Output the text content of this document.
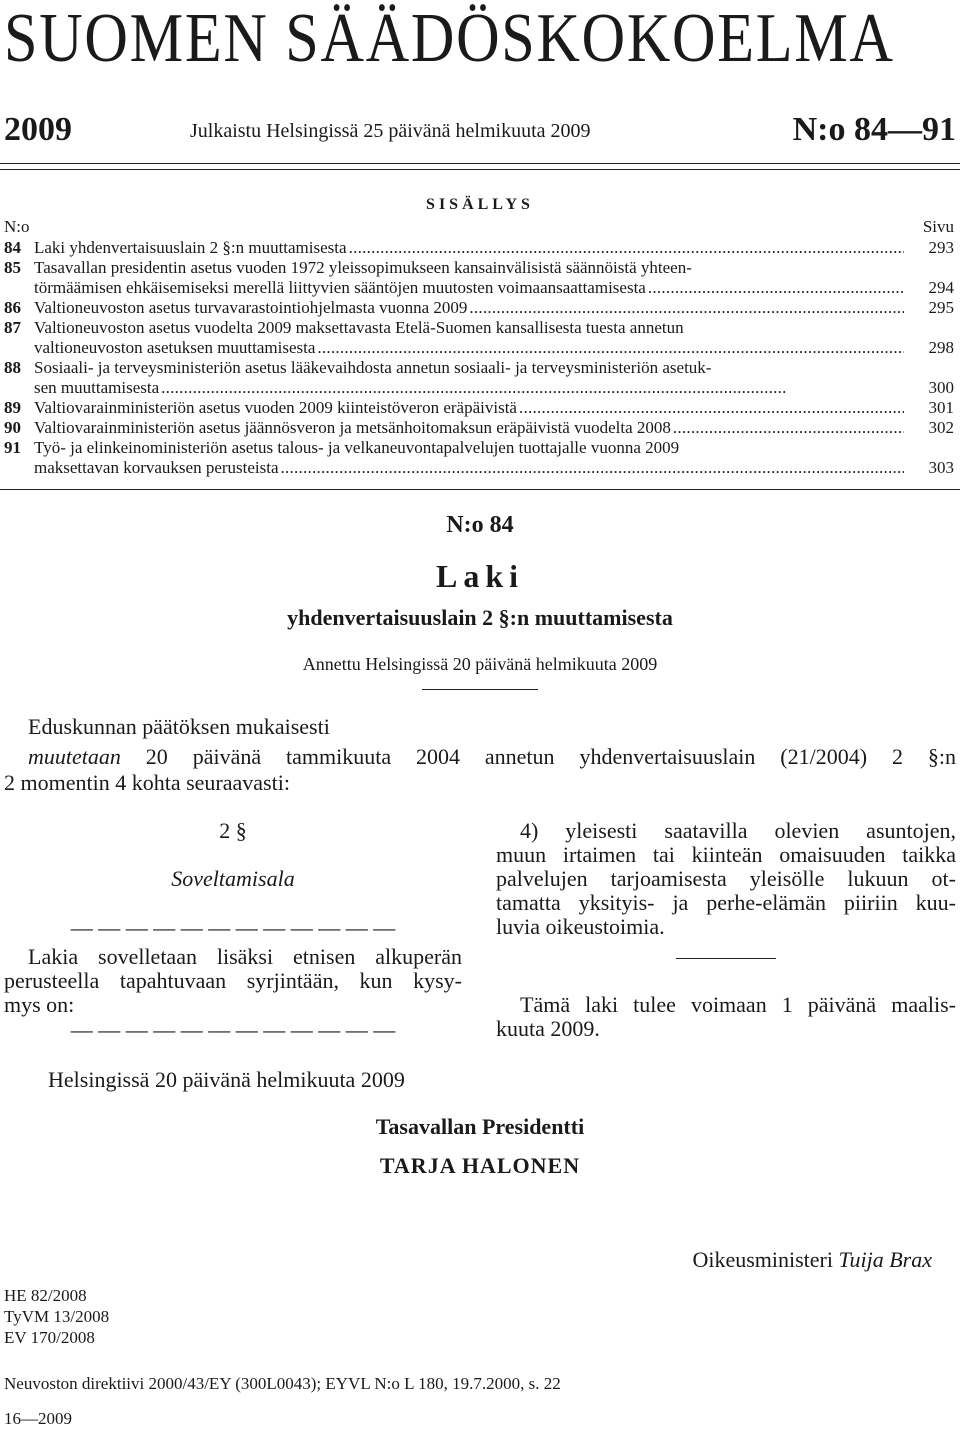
SUOMEN SÄÄDÖSKOKOELMA
2009	Julkaistu Helsingissä 25 päivänä helmikuuta 2009	N:o 84—91
SISÄLLYS
N:o	Sivu
84 Laki yhdenvertaisuuslain 2 §:n muuttamisesta . . .	293
85 Tasavallan presidentin asetus vuoden 1972 yleissopimukseen kansainvälisistä säännöistä yhteen-
törmäämisen ehkäisemiseksi merellä liittyvien sääntöjen muutosten voimaansaattamisesta . . .	294
86 Valtioneuvoston asetus turvavarastointiohjelmasta vuonna 2009 . . .	295
87 Valtioneuvoston asetus vuodelta 2009 maksettavasta Etelä-Suomen kansallisesta tuesta annetun
valtioneuvoston asetuksen muuttamisesta . . .	298
88 Sosiaali- ja terveysministeriön asetus lääkevaihdosta annetun sosiaali- ja terveysministeriön asetuk-
sen muuttamisesta . . .	300
89 Valtiovarainministeriön asetus vuoden 2009 kiinteistöveron eräpäivistä . . .	301
90 Valtiovarainministeriön asetus jäännösveron ja metsänhoitomaksun eräpäivistä vuodelta 2008 . . .	302
91 Työ- ja elinkeinoministeriön asetus talous- ja velkaneuvontapalvelujen tuottajalle vuonna 2009
maksettavan korvauksen perusteista . . .	303
N:o 84
Laki
yhdenvertaisuuslain 2 §:n muuttamisesta
Annettu Helsingissä 20 päivänä helmikuuta 2009
Eduskunnan päätöksen mukaisesti
muutetaan 20 päivänä tammikuuta 2004 annetun yhdenvertaisuuslain (21/2004) 2 §:n
2 momentin 4 kohta seuraavasti:
2 §
Soveltamisala
— — — — — — — — — — — —
Lakia sovelletaan lisäksi etnisen alkuperän
perusteella tapahtuvaan syrjintään, kun kysy-
mys on:
— — — — — — — — — — — —
4) yleisesti saatavilla olevien asuntojen,
muun irtaimen tai kiinteän omaisuuden taikka
palvelujen tarjoamisesta yleisölle lukuun ot-
tamatta yksityis- ja perhe-elämän piiriin kuu-
luvia oikeustoimia.
Tämä laki tulee voimaan 1 päivänä maalis-
kuuta 2009.
Helsingissä 20 päivänä helmikuuta 2009
Tasavallan Presidentti
TARJA HALONEN
Oikeusministeri Tuija Brax
HE 82/2008
TyVM 13/2008
EV 170/2008
Neuvoston direktiivi 2000/43/EY (300L0043); EYVL N:o L 180, 19.7.2000, s. 22
16—2009
